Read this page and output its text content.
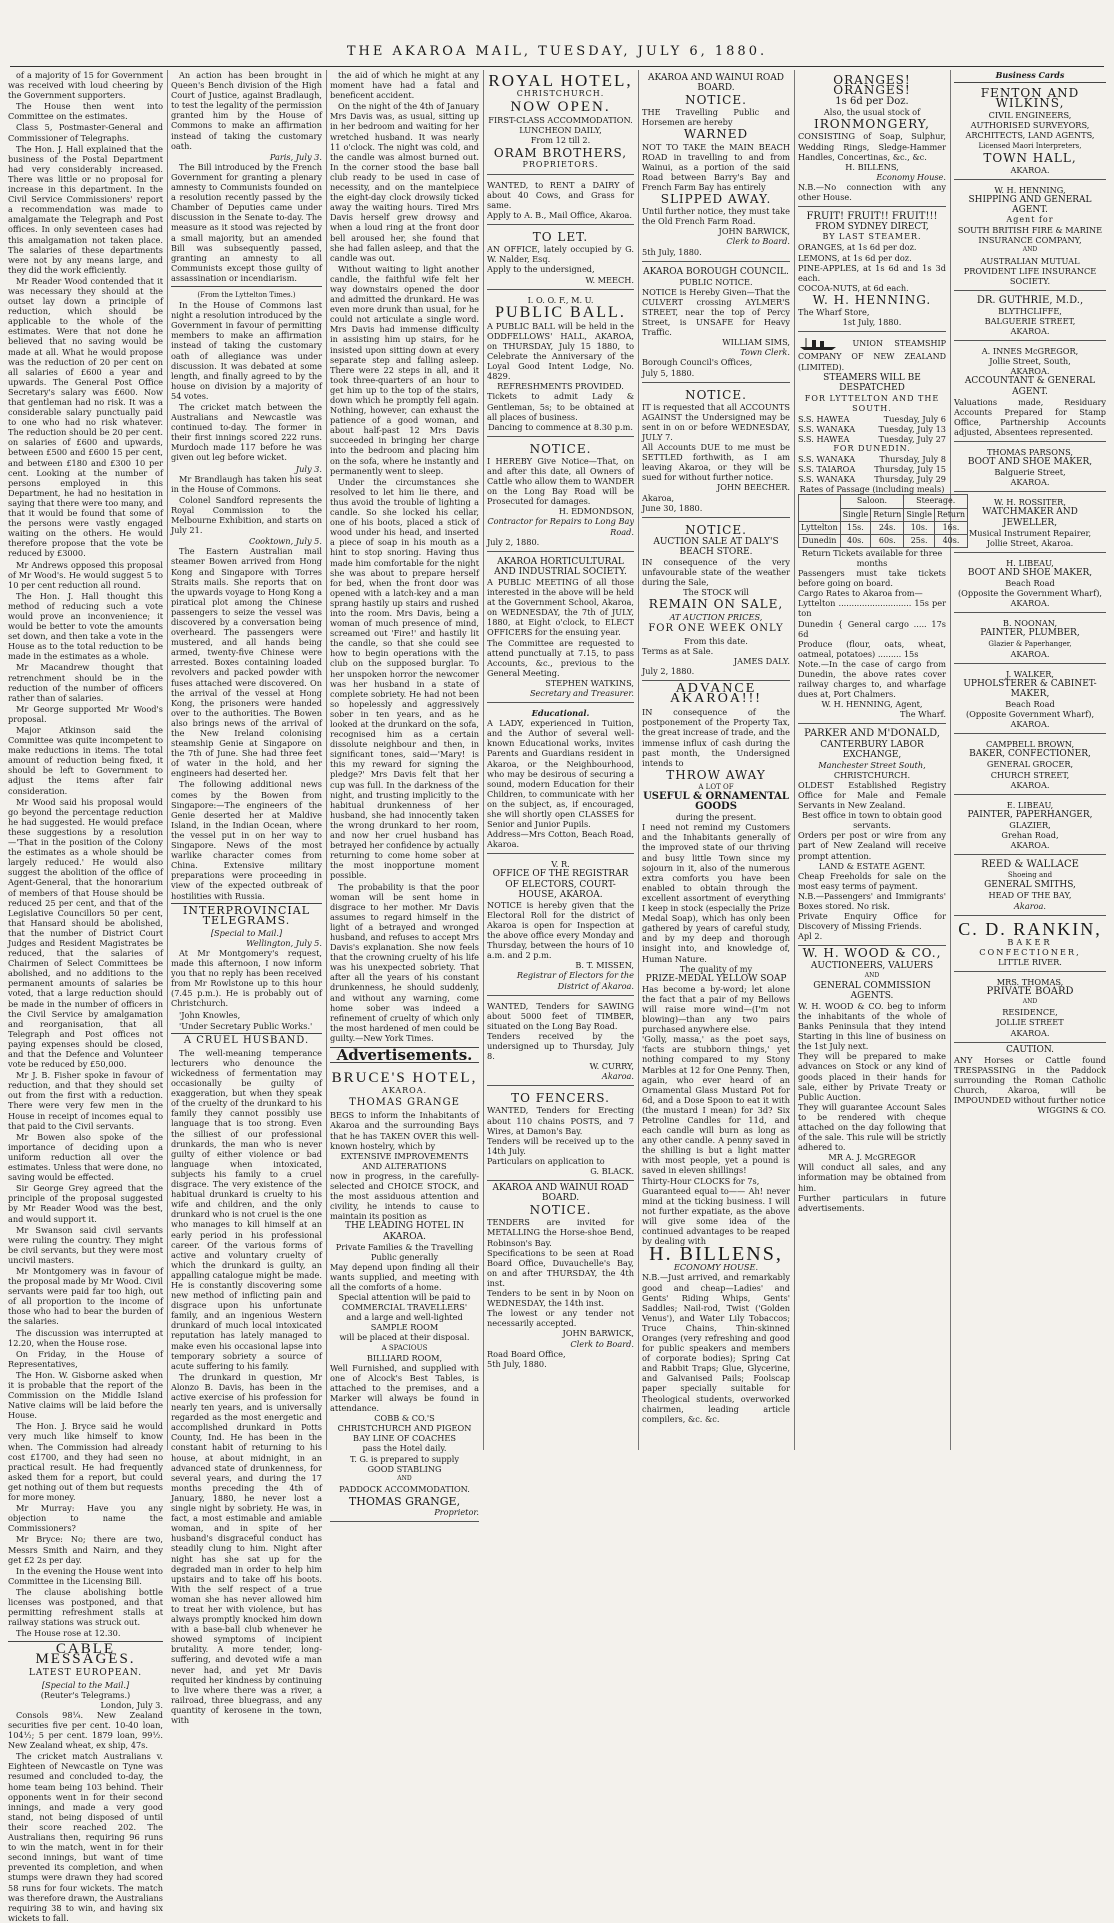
THE AKAROA MAIL, TUESDAY, JULY 6, 1880.

of a majority of 15 for Government was received with loud cheering by the Government supporters.

The House then went into Committee on the estimates.

Class 5, Postmaster-General and Commissioner of Telegraphs.

The Hon. J. Hall explained that the business of the Postal Department had very considerably increased. There was little or no proposal for increase in this department. In the Civil Service Commissioners' report a recommendation was made to amalgamate the Telegraph and Post offices. In only seventeen cases had this amalgamation not taken place. The salaries of these departments were not by any means large, and they did the work efficiently.

Mr Reader Wood contended that it was necessary they should at the outset lay down a principle of reduction, which should be applicable to the whole of the estimates. Were that not done he believed that no saving would be made at all. What he would propose was the reduction of 20 per cent on all salaries of £600 a year and upwards. The General Post Office Secretary's salary was £600. Now that gentleman had no risk. It was a considerable salary punctually paid to one who had no risk whatever. The reduction should be 20 per cent. on salaries of £600 and upwards, between £500 and £600 15 per cent, and between £180 and £300 10 per cent. Looking at the number of persons employed in this Department, he had no hesitation in saying that there were too many, and that it would be found that some of the persons were vastly engaged waiting on the others. He would therefore propose that the vote be reduced by £3000.

Mr Andrews opposed this proposal of Mr Wood's. He would suggest 5 to 10 per cent reduction all round.

The Hon. J. Hall thought this method of reducing such a vote would prove an inconvenience; it would be better to vote the amounts set down, and then take a vote in the House as to the total reduction to be made in the estimates as a whole.

Mr Macandrew thought that retrenchment should be in the reduction of the number of officers rather than of salaries.

Mr George supported Mr Wood's proposal.

Major Atkinson said the Committee was quite incompetent to make reductions in items. The total amount of reduction being fixed, it should be left to Government to adjust the items after fair consideration.

Mr Wood said his proposal would go beyond the percentage reduction he had suggested. He would preface these suggestions by a resolution—'That in the position of the Colony the estimates as a whole should be largely reduced.' He would also suggest the abolition of the office of Agent-General, that the honorarium of members of that House should be reduced 25 per cent, and that of the Legislative Councillors 50 per cent, that Hansard should be abolished, that the number of District Court Judges and Resident Magistrates be reduced, that the salaries of Chairmen of Select Committees be abolished, and no additions to the permanent amounts of salaries be voted, that a large reduction should be made in the number of officers in the Civil Service by amalgamation and reorganisation, that all Telegraph and Post offices not paying expenses should be closed, and that the Defence and Volunteer vote be reduced by £50,000.

Mr J. B. Fisher spoke in favour of reduction, and that they should set out from the first with a reduction. There were very few men in the House in receipt of incomes equal to that paid to the Civil servants.

Mr Bowen also spoke of the importance of deciding upon a uniform reduction all over the estimates. Unless that were done, no saving would be effected.

Sir George Grey agreed that the principle of the proposal suggested by Mr Reader Wood was the best, and would support it.

Mr Swanson said civil servants were ruling the country. They might be civil servants, but they were most uncivil masters.

Mr Montgomery was in favour of the proposal made by Mr Wood. Civil servants were paid far too high, out of all proportion to the income of those who had to bear the burden of the salaries.

The discussion was interrupted at 12.20, when the House rose.

On Friday, in the House of Representatives,

The Hon. W. Gisborne asked when it is probable that the report of the Commission on the Middle Island Native claims will be laid before the House.

The Hon. J. Bryce said he would very much like himself to know when. The Commission had already cost £1700, and they had seen no practical result. He had frequently asked them for a report, but could get nothing out of them but requests for more money.

Mr Murray: Have you any objection to name the Commissioners?

Mr Bryce: No; there are two, Messrs Smith and Nairn, and they get £2 2s per day.

In the evening the House went into Committee in the Licensing Bill.

The clause abolishing bottle licenses was postponed, and that permitting refreshment stalls at railway stations was struck out.

The House rose at 12.30.

CABLE MESSAGES.
LATEST EUROPEAN.
[Special to the Mail.]
(Reuter's Telegrams.)
London, July 3.

Consols 98¼. New Zealand securities five per cent. 10-40 loan, 104½; 5 per cent. 1879 loan, 99½. New Zealand wheat, ex ship, 47s.

The cricket match Australians v. Eighteen of Newcastle on Tyne was resumed and concluded to-day, the home team being 103 behind. Their opponents went in for their second innings, and made a very good stand, not being disposed of until their score reached 202. The Australians then, requiring 96 runs to win the match, went in for their second innings, but want of time prevented its completion, and when stumps were drawn they had scored 58 runs for four wickets. The match was therefore drawn, the Australians requiring 38 to win, and having six wickets to fall.

An action has been brought in Queen's Bench division of the High Court of Justice, against Bradlaugh, to test the legality of the permission granted him by the House of Commons to make an affirmation instead of taking the customary oath.

Paris, July 3.

The Bill introduced by the French Government for granting a plenary amnesty to Communists founded on a resolution recently passed by the Chamber of Deputies came under discussion in the Senate to-day. The measure as it stood was rejected by a small majority, but an amended Bill was subsequently passed, granting an amnesty to all Communists except those guilty of assassination or incendiarism.

(From the Lyttelton Times.)

In the House of Commons last night a resolution introduced by the Government in favour of permitting members to make an affirmation instead of taking the customary oath of allegiance was under discussion. It was debated at some length, and finally agreed to by the house on division by a majority of 54 votes.

The cricket match between the Australians and Newcastle was continued to-day. The former in their first innings scored 222 runs. Murdoch made 117 before he was given out leg before wicket.

July 3.

Mr Brandlaugh has taken his seat in the House of Commons.

Colonel Sandford represents the Royal Commission to the Melbourne Exhibition, and starts on July 21.

Cooktown, July 5.

The Eastern Australian mail steamer Bowen arrived from Hong Kong and Singapore with Torres Straits mails. She reports that on the upwards voyage to Hong Kong a piratical plot among the Chinese passengers to seize the vessel was discovered by a conversation being overheard. The passengers were mustered, and all hands being armed, twenty-five Chinese were arrested. Boxes containing loaded revolvers and packed powder with fuses attached were discovered. On the arrival of the vessel at Hong Kong, the prisoners were handed over to the authorities. The Bowen also brings news of the arrival of the New Ireland colonising steamship Genie at Singapore on the 7th of June. She had three feet of water in the hold, and her engineers had deserted her.

The following additional news comes by the Bowen from Singapore:—The engineers of the Genie deserted her at Maldive Island, in the Indian Ocean, where the vessel put in on her way to Singapore. News of the most warlike character comes from China. Extensive military preparations were proceeding in view of the expected outbreak of hostilities with Russia.

INTERPROVINCIAL TELEGRAMS.
[Special to Mail.]
Wellington, July 5.

At Mr Montgomery's request, made this afternoon, I now inform you that no reply has been received from Mr Rowlstone up to this hour (7.45 p.m.). He is probably out of Christchurch.

'John Knowles,

'Under Secretary Public Works.'

A CRUEL HUSBAND.

The well-meaning temperance lecturers who denounce the wickedness of fermentation may occasionally be guilty of exaggeration, but when they speak of the cruelty of the drunkard to his family they cannot possibly use language that is too strong. Even the silliest of our professional drunkards, the man who is never guilty of either violence or bad language when intoxicated, subjects his family to a cruel disgrace. The very existence of the habitual drunkard is cruelty to his wife and children, and the only drunkard who is not cruel is the one who manages to kill himself at an early period in his professional career. Of the various forms of active and voluntary cruelty of which the drunkard is guilty, an appalling catalogue might be made. He is constantly discovering some new method of inflicting pain and disgrace upon his unfortunate family, and an ingenious Western drunkard of much local intoxicated reputation has lately managed to make even his occasional lapse into temporary sobriety a source of acute suffering to his family.

The drunkard in question, Mr Alonzo B. Davis, has been in the active exercise of his profession for nearly ten years, and is universally regarded as the most energetic and accomplished drunkard in Potts County, Ind. He has been in the constant habit of returning to his house, at about midnight, in an advanced state of drunkenness, for several years, and during the 17 months preceding the 4th of January, 1880, he never lost a single night by sobriety. He was, in fact, a most estimable and amiable woman, and in spite of her husband's disgraceful conduct has steadily clung to him. Night after night has she sat up for the degraded man in order to help him upstairs and to take off his boots. With the self respect of a true woman she has never allowed him to treat her with violence, but has always promptly knocked him down with a base-ball club whenever he showed symptoms of incipient brutality. A more tender, long-suffering, and devoted wife a man never had, and yet Mr Davis requited her kindness by continuing to live where there was a river, a railroad, three bluegrass, and any quantity of kerosene in the town, with

the aid of which he might at any moment have had a fatal and beneficent accident.

On the night of the 4th of January Mrs Davis was, as usual, sitting up in her bedroom and waiting for her wretched husband. It was nearly 11 o'clock. The night was cold, and the candle was almost burned out. In the corner stood the base ball club ready to be used in case of necessity, and on the mantelpiece the eight-day clock drowsily ticked away the waiting hours. Tired Mrs Davis herself grew drowsy and when a loud ring at the front door bell aroused her, she found that she had fallen asleep, and that the candle was out.

Without waiting to light another candle, the faithful wife felt her way downstairs opened the door and admitted the drunkard. He was even more drunk than usual, for he could not articulate a single word. Mrs Davis had immense difficulty in assisting him up stairs, for he insisted upon sitting down at every separate step and falling asleep. There were 22 steps in all, and it took three-quarters of an hour to get him up to the top of the stairs, down which he promptly fell again. Nothing, however, can exhaust the patience of a good woman, and about half-past 12 Mrs Davis succeeded in bringing her charge into the bedroom and placing him on the sofa, where he instantly and permanently went to sleep.

Under the circumstances she resolved to let him lie there, and thus avoid the trouble of lighting a candle. So she locked his cellar, one of his boots, placed a stick of wood under his head, and inserted a piece of soap in his mouth as a hint to stop snoring. Having thus made him comfortable for the night she was about to prepare herself for bed, when the front door was opened with a latch-key and a man sprang hastily up stairs and rushed into the room. Mrs Davis, being a woman of much presence of mind, screamed out 'Fire!' and hastily lit the candle, so that she could see how to begin operations with the club on the supposed burglar. To her unspoken horror the newcomer was her husband in a state of complete sobriety. He had not been so hopelessly and aggressively sober in ten years, and as he looked at the drunkard on the sofa, recognised him as a certain dissolute neighbour and then, in significant tones, said—'Mary! is this my reward for signing the pledge?' Mrs Davis felt that her cup was full. In the darkness of the night, and trusting implicitly to the habitual drunkenness of her husband, she had innocently taken the wrong drunkard to her room, and now her cruel husband has betrayed her confidence by actually returning to come home sober at the most inopportune moment possible.

The probability is that the poor woman will be sent home in disgrace to her mother. Mr Davis assumes to regard himself in the light of a betrayed and wronged husband, and refuses to accept Mrs Davis's explanation. She now feels that the crowning cruelty of his life was his unexpected sobriety. That after all the years of his constant drunkenness, he should suddenly, and without any warning, come home sober was indeed a refinement of cruelty of which only the most hardened of men could be guilty.—New York Times.

Advertisements.
BRUCE'S HOTEL,
AKAROA.
THOMAS GRANGE
BEGS to inform the Inhabitants of Akaroa and the surrounding Bays that he has TAKEN OVER this well-known hostelry, which by
EXTENSIVE IMPROVEMENTS AND ALTERATIONS
now in progress, in the carefully-selected and CHOICE STOCK, and the most assiduous attention and civility, he intends to cause to maintain its position as
THE LEADING HOTEL IN AKAROA.
Private Families & the Travelling Public generally
May depend upon finding all their wants supplied, and meeting with all the comforts of a home.
Special attention will be paid to
COMMERCIAL TRAVELLERS'
and a large and well-lighted
SAMPLE ROOM
will be placed at their disposal.
A SPACIOUS
BILLIARD ROOM,
Well Furnished, and supplied with one of Alcock's Best Tables, is attached to the premises, and a Marker will always be found in attendance.
COBB & CO.'S
CHRISTCHURCH AND PIGEON BAY LINE OF COACHES
pass the Hotel daily.
T. G. is prepared to supply
GOOD STABLING
AND
PADDOCK ACCOMMODATION.
THOMAS GRANGE,
Proprietor.
ROYAL HOTEL,
CHRISTCHURCH.
NOW OPEN.
FIRST-CLASS ACCOMMODATION.
LUNCHEON DAILY,
From 12 till 2.
ORAM BROTHERS,
PROPRIETORS.
WANTED, to RENT a DAIRY of about 40 Cows, and Grass for same.
Apply to A. B., Mail Office, Akaroa.
TO LET.
AN OFFICE, lately occupied by G. W. Nalder, Esq.
Apply to the undersigned,
W. MEECH.
I. O. O. F., M. U.
PUBLIC BALL.
A PUBLIC BALL will be held in the ODDFELLOWS' HALL, AKAROA, on THURSDAY, July 15 1880, to Celebrate the Anniversary of the Loyal Good Intent Lodge, No. 4829.
REFRESHMENTS PROVIDED.
Tickets to admit Lady & Gentleman, 5s; to be obtained at all places of business.
Dancing to commence at 8.30 p.m.
NOTICE.
I HEREBY Give Notice—That, on and after this date, all Owners of Cattle who allow them to WANDER on the Long Bay Road will be Prosecuted for damages.
H. EDMONDSON,
Contractor for Repairs to Long Bay Road.
July 2, 1880.
AKAROA HORTICULTURAL AND INDUSTRIAL SOCIETY.
A PUBLIC MEETING of all those interested in the above will be held at the Government School, Akaroa, on WEDNESDAY, the 7th of JULY, 1880, at Eight o'clock, to ELECT OFFICERS for the ensuing year.
The Committee are requested to attend punctually at 7.15, to pass Accounts, &c., previous to the General Meeting.
STEPHEN WATKINS,
Secretary and Treasurer.
Educational.
A LADY, experienced in Tuition, and the Author of several well-known Educational works, invites Parents and Guardians resident in Akaroa, or the Neighbourhood, who may be desirous of securing a sound, modern Education for their Children, to communicate with her on the subject, as, if encouraged, she will shortly open CLASSES for Senior and Junior Pupils.
Address—Mrs Cotton, Beach Road, Akaroa.
V. R.
OFFICE OF THE REGISTRAR OF ELECTORS, COURT-HOUSE, AKAROA.
NOTICE is hereby given that the Electoral Roll for the district of Akaroa is open for Inspection at the above office every Monday and Thursday, between the hours of 10 a.m. and 2 p.m.
B. T. MISSEN,
Registrar of Electors for the District of Akaroa.
WANTED, Tenders for SAWING about 5000 feet of TIMBER, situated on the Long Bay Road.
Tenders received by the undersigned up to Thursday, July 8.
W. CURRY,
Akaroa.
TO FENCERS.
WANTED, Tenders for Erecting about 110 chains POSTS, and 7 Wires, at Damon's Bay.
Tenders will be received up to the 14th July.
Particulars on application to
G. BLACK.
AKAROA AND WAINUI ROAD BOARD.
NOTICE.
TENDERS are invited for METALLING the Horse-shoe Bend, Robinson's Bay.
Specifications to be seen at Road Board Office, Duvauchelle's Bay, on and after THURSDAY, the 4th inst.
Tenders to be sent in by Noon on WEDNESDAY, the 14th inst.
The lowest or any tender not necessarily accepted.
JOHN BARWICK,
Clerk to Board.
Road Board Office,
5th July, 1880.
AKAROA AND WAINUI ROAD BOARD.
NOTICE.
THE Travelling Public and Horsemen are hereby
WARNED
NOT TO TAKE the MAIN BEACH ROAD in travelling to and from Wainui, as a portion of the said Road between Barry's Bay and French Farm Bay has entirely
SLIPPED AWAY.
Until further notice, they must take the Old French Farm Road.
JOHN BARWICK,
Clerk to Board.
5th July, 1880.
AKAROA BOROUGH COUNCIL.
PUBLIC NOTICE.
NOTICE is Hereby Given—That the CULVERT crossing AYLMER'S STREET, near the top of Percy Street, is UNSAFE for Heavy Traffic.
WILLIAM SIMS,
Town Clerk.
Borough Council's Offices,
July 5, 1880.
NOTICE.
IT is requested that all ACCOUNTS AGAINST the Undersigned may be sent in on or before WEDNESDAY, JULY 7.
All Accounts DUE to me must be SETTLED forthwith, as I am leaving Akaroa, or they will be sued for without further notice.
JOHN BEECHER.
Akaroa,
June 30, 1880.
NOTICE.
AUCTION SALE AT DALY'S BEACH STORE.
IN consequence of the very unfavourable state of the weather during the Sale,
The STOCK will
REMAIN ON SALE,
AT AUCTION PRICES,
FOR ONE WEEK ONLY
From this date.
Terms as at Sale.
JAMES DALY.
July 2, 1880.
ADVANCE AKAROA!!!
IN consequence of the postponement of the Property Tax, the great increase of trade, and the immense influx of cash during the past month, the Undersigned intends to
THROW AWAY
A LOT OF
USEFUL & ORNAMENTAL GOODS
during the present.
I need not remind my Customers and the Inhabitants generally of the improved state of our thriving and busy little Town since my sojourn in it, also of the numerous extra comforts you have been enabled to obtain through the excellent assortment of everything I keep in stock (especially the Prize Medal Soap), which has only been gathered by years of careful study, and by my deep and thorough insight into, and knowledge of, Human Nature.
The quality of my
PRIZE-MEDAL YELLOW SOAP
Has become a by-word; let alone the fact that a pair of my Bellows will raise more wind—(I'm not blowing)—than any two pairs purchased anywhere else.
'Golly, massa,' as the poet says, 'facts are stubborn things,' yet nothing compared to my Stony Marbles at 12 for One Penny. Then, again, who ever heard of an Ornamental Glass Mustard Pot for 6d, and a Dose Spoon to eat it with (the mustard I mean) for 3d? Six Petroline Candles for 11d, and each candle will burn as long as any other candle. A penny saved in the shilling is but a light matter with most people, yet a pound is saved in eleven shillings!
Thirty-Hour CLOCKS for 7s,
Guaranteed equal to—— Ah! never mind at the ticking business. I will not further expatiate, as the above will give some idea of the continued advantages to be reaped by dealing with
H. BILLENS,
ECONOMY HOUSE.
N.B.—Just arrived, and remarkably good and cheap—Ladies' and Gents' Riding Whips, Gents' Saddles; Nail-rod, Twist ('Golden Venus'), and Water Lily Tobaccos; Truce Chains, Thin-skinned Oranges (very refreshing and good for public speakers and members of corporate bodies); Spring Cat and Rabbit Traps; Glue, Glycerine, and Galvanised Pails; Foolscap paper specially suitable for Theological students, overworked chairmen, leading article compilers, &c. &c.
ORANGES! ORANGES!
1s 6d per Doz.
Also, the usual stock of
IRONMONGERY,
CONSISTING of Soap, Sulphur, Wedding Rings, Sledge-Hammer Handles, Concertinas, &c., &c.
H. BILLENS,
Economy House.
N.B.—No connection with any other House.
FRUIT! FRUIT!! FRUIT!!!
FROM SYDNEY DIRECT,
BY LAST STEAMER.
ORANGES, at 1s 6d per doz.
LEMONS, at 1s 6d per doz.
PINE-APPLES, at 1s 6d and 1s 3d each.
COCOA-NUTS, at 6d each.
W. H. HENNING.
The Wharf Store,
1st July, 1880.
UNION STEAMSHIP COMPANY OF NEW ZEALAND (LIMITED).
STEAMERS WILL BE DESPATCHED
FOR LYTTELTON AND THE SOUTH.
S.S. HAWEA	Tuesday, July 6
S.S. WANAKA	Tuesday, July 13
S.S. HAWEA	Tuesday, July 27
FOR DUNEDIN.
S.S. WANAKA	Thursday, July 8
S.S. TAIAROA Thursday, July 15
S.S. WANAKA Thursday, July 29
Rates of Passage (including meals)
	Saloon.		Steerage.	
	Single	Return	Single	Return
Lyttelton	15s.	24s.	10s.	16s.
Dunedin	40s.	60s.	25s.	40s.
Return Tickets available for three months
Passengers must take tickets before going on board.
Cargo Rates to Akaroa from—
Lyttelton ............................ 15s per ton
Dunedin { General cargo ..... 17s 6d
Produce (flour, oats, wheat, oatmeal, potatoes) ......... 15s
Note.—In the case of cargo from Dunedin, the above rates cover railway charges to, and wharfage dues at, Port Chalmers.
W. H. HENNING, Agent,
The Wharf.
PARKER AND M'DONALD,
CANTERBURY LABOR EXCHANGE,
Manchester Street South,
CHRISTCHURCH.
OLDEST Established Registry Office for Male and Female Servants in New Zealand.
Best office in town to obtain good servants.
Orders per post or wire from any part of New Zealand will receive prompt attention.
LAND & ESTATE AGENT.
Cheap Freeholds for sale on the most easy terms of payment.
N.B.—Passengers' and Immigrants' Boxes stored. No risk.
Private Enquiry Office for Discovery of Missing Friends.
Apl 2.
W. H. WOOD & CO.,
AUCTIONEERS, VALUERS
AND
GENERAL COMMISSION AGENTS.
W. H. WOOD & CO. beg to inform the inhabitants of the whole of Banks Peninsula that they intend Starting in this line of business on the 1st July next.
They will be prepared to make advances on Stock or any kind of goods placed in their hands for sale, either by Private Treaty or Public Auction.
They will guarantee Account Sales to be rendered with cheque attached on the day following that of the sale. This rule will be strictly adhered to.
MR A. J. McGREGOR
Will conduct all sales, and any information may be obtained from him.
Further particulars in future advertisements.
Business Cards
FENTON AND WILKINS,
CIVIL ENGINEERS,
AUTHORISED SURVEYORS,
ARCHITECTS, LAND AGENTS,
Licensed Maori Interpreters,
TOWN HALL,
AKAROA.
W. H. HENNING,
SHIPPING AND GENERAL AGENT.
Agent for
SOUTH BRITISH FIRE & MARINE INSURANCE COMPANY,
AND
AUSTRALIAN MUTUAL PROVIDENT LIFE INSURANCE SOCIETY.
DR. GUTHRIE, M.D.,
BLYTHCLIFFE,
BALGUERIE STREET,
AKAROA.
A. INNES McGREGOR,
Jollie Street, South,
AKAROA.
ACCOUNTANT & GENERAL AGENT.
Valuations made, Residuary Accounts Prepared for Stamp Office, Partnership Accounts adjusted, Absentees represented.
THOMAS PARSONS,
BOOT AND SHOE MAKER,
Balguerie Street,
AKAROA.
W. H. ROSSITER,
WATCHMAKER AND JEWELLER,
Musical Instrument Repairer,
Jollie Street, Akaroa.
H. LIBEAU,
BOOT AND SHOE MAKER,
Beach Road
(Opposite the Government Wharf),
AKAROA.
B. NOONAN,
PAINTER, PLUMBER,
Glazier & Paperhanger,
AKAROA.
J. WALKER,
UPHOLSTERER & CABINET-MAKER,
Beach Road
(Opposite Government Wharf),
AKAROA.
CAMPBELL BROWN,
BAKER, CONFECTIONER,
GENERAL GROCER,
CHURCH STREET,
AKAROA.
E. LIBEAU,
PAINTER, PAPERHANGER,
GLAZIER,
Grehan Road,
AKAROA.
REED & WALLACE
Shoeing and
GENERAL SMITHS,
HEAD OF THE BAY,
Akaroa.
C. D. RANKIN,
BAKER
CONFECTIONER,
LITTLE RIVER.
MRS. THOMAS,
PRIVATE BOARD
AND
RESIDENCE,
JOLLIE STREET
AKAROA.
CAUTION.
ANY Horses or Cattle found TRESPASSING in the Paddock surrounding the Roman Catholic Church, Akaroa, will be IMPOUNDED without further notice
WIGGINS & CO.
